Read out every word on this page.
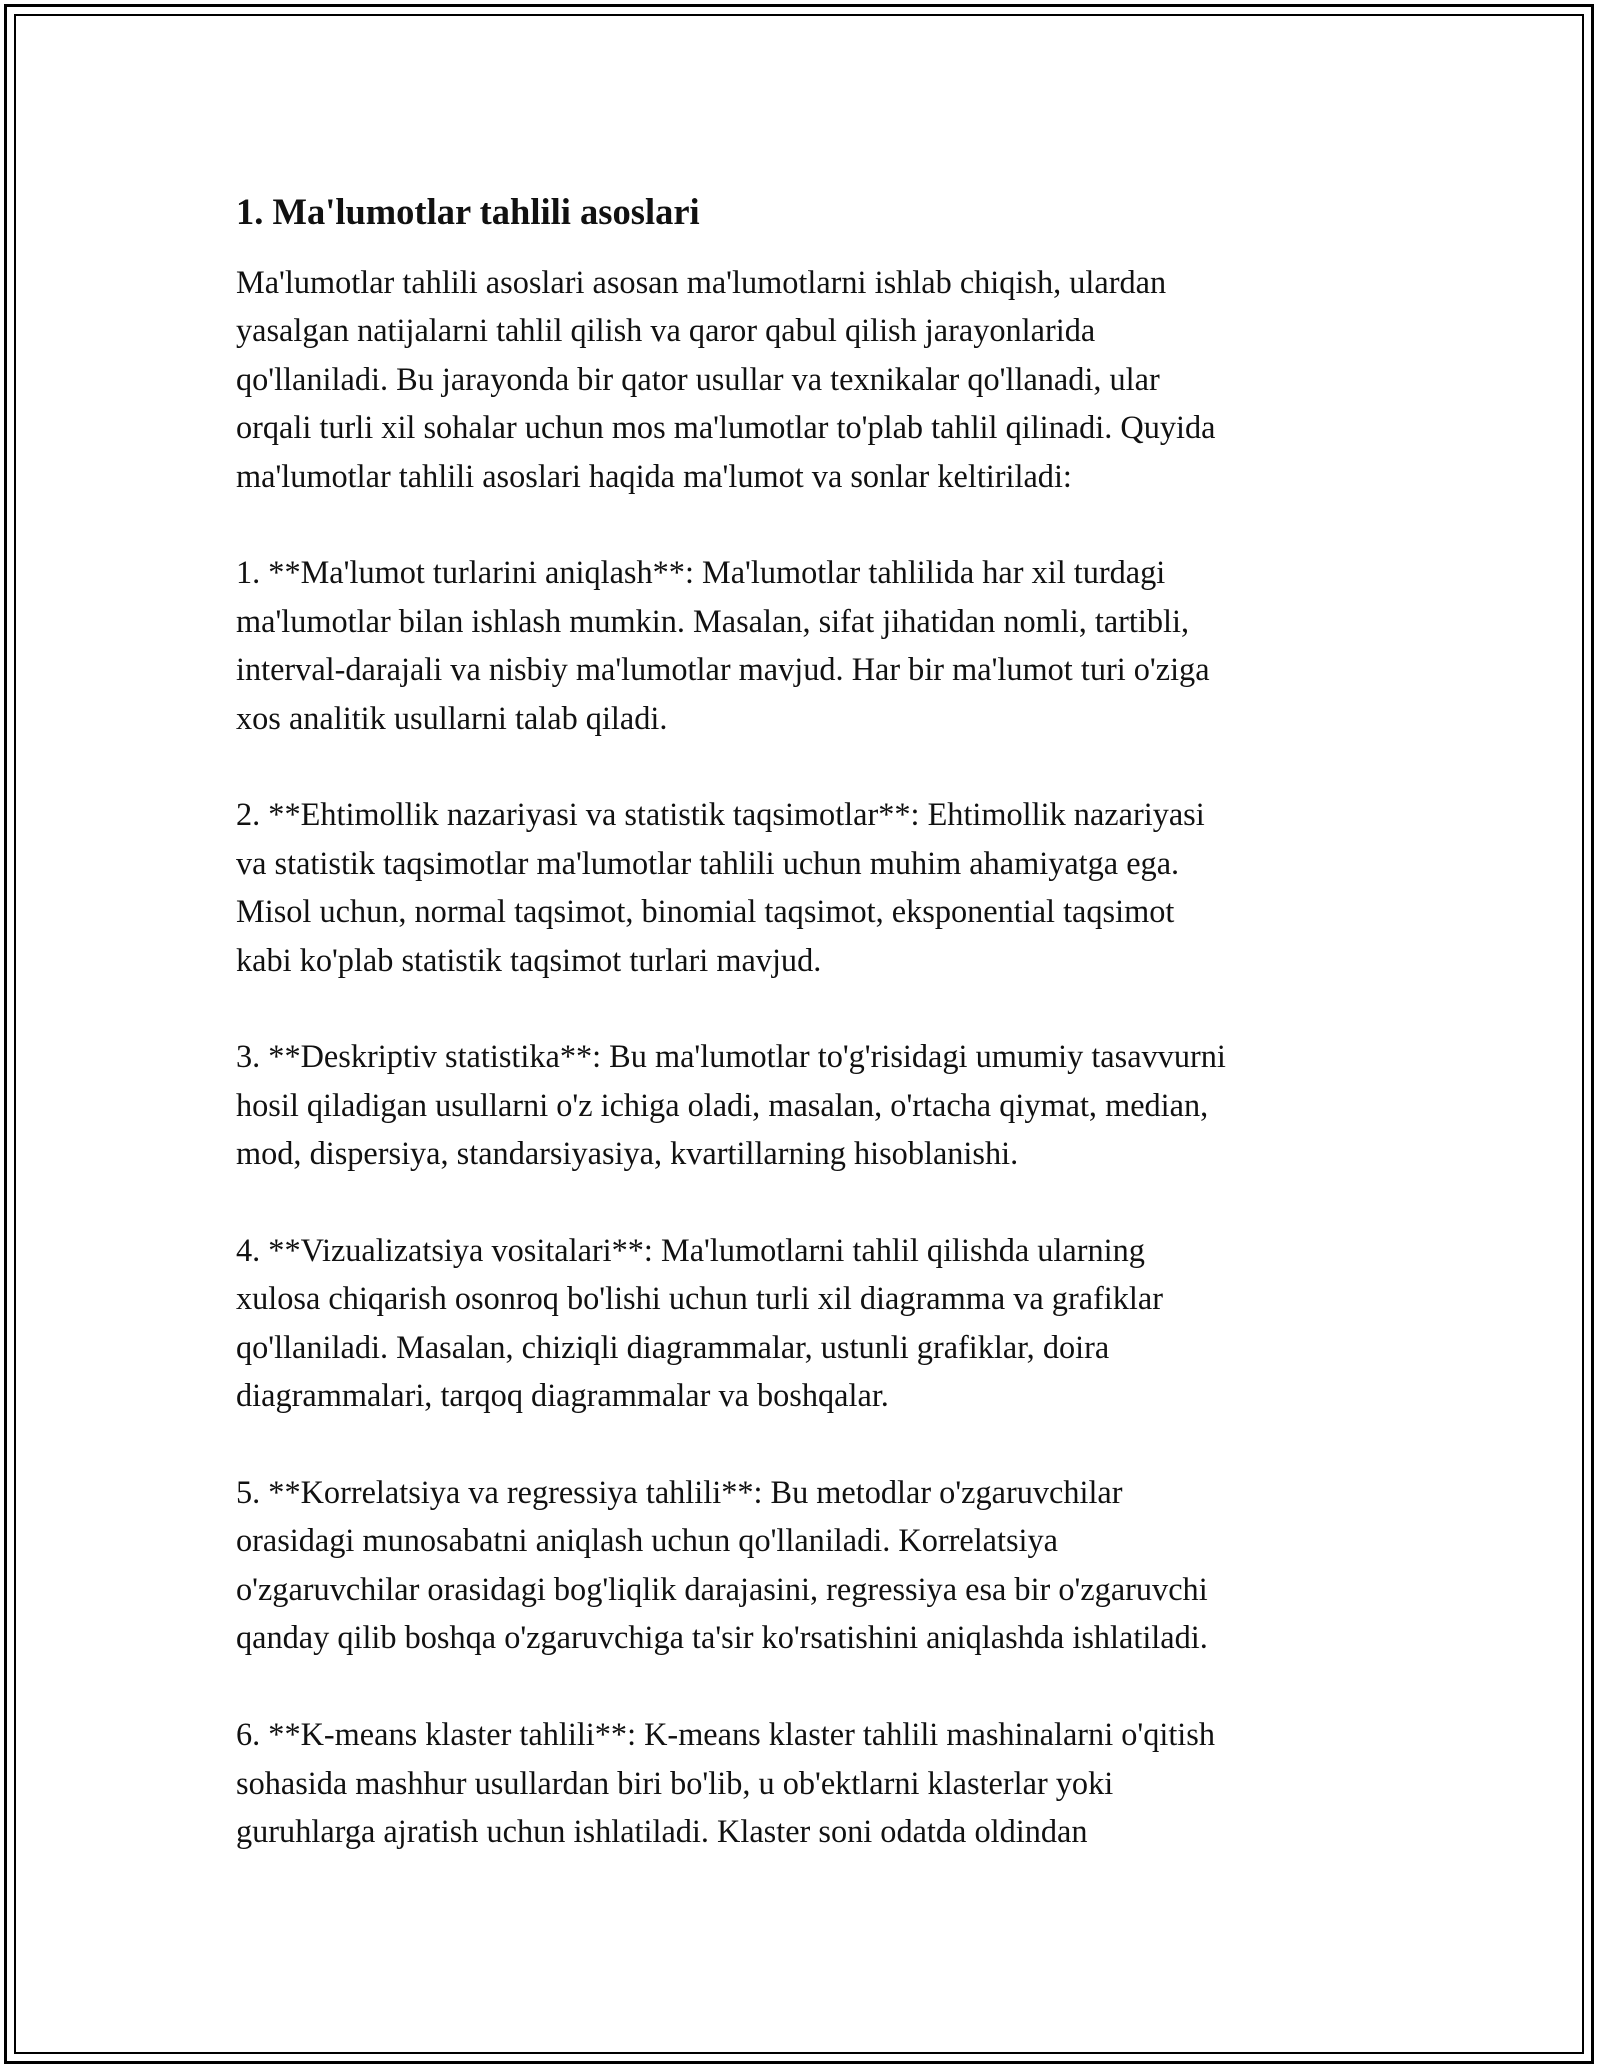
1. Ma'lumotlar tahlili asoslari
Ma'lumotlar tahlili asoslari asosan ma'lumotlarni ishlab chiqish, ulardan
yasalgan natijalarni tahlil qilish va qaror qabul qilish jarayonlarida
qo'llaniladi. Bu jarayonda bir qator usullar va texnikalar qo'llanadi, ular
orqali turli xil sohalar uchun mos ma'lumotlar to'plab tahlil qilinadi. Quyida
ma'lumotlar tahlili asoslari haqida ma'lumot va sonlar keltiriladi:
1. **Ma'lumot turlarini aniqlash**: Ma'lumotlar tahlilida har xil turdagi
ma'lumotlar bilan ishlash mumkin. Masalan, sifat jihatidan nomli, tartibli,
interval-darajali va nisbiy ma'lumotlar mavjud. Har bir ma'lumot turi o'ziga
xos analitik usullarni talab qiladi.
2. **Ehtimollik nazariyasi va statistik taqsimotlar**: Ehtimollik nazariyasi
va statistik taqsimotlar ma'lumotlar tahlili uchun muhim ahamiyatga ega.
Misol uchun, normal taqsimot, binomial taqsimot, eksponential taqsimot
kabi ko'plab statistik taqsimot turlari mavjud.
3. **Deskriptiv statistika**: Bu ma'lumotlar to'g'risidagi umumiy tasavvurni
hosil qiladigan usullarni o'z ichiga oladi, masalan, o'rtacha qiymat, median,
mod, dispersiya, standarsiyasiya, kvartillarning hisoblanishi.
4. **Vizualizatsiya vositalari**: Ma'lumotlarni tahlil qilishda ularning
xulosa chiqarish osonroq bo'lishi uchun turli xil diagramma va grafiklar
qo'llaniladi. Masalan, chiziqli diagrammalar, ustunli grafiklar, doira
diagrammalari, tarqoq diagrammalar va boshqalar.
5. **Korrelatsiya va regressiya tahlili**: Bu metodlar o'zgaruvchilar
orasidagi munosabatni aniqlash uchun qo'llaniladi. Korrelatsiya
o'zgaruvchilar orasidagi bog'liqlik darajasini, regressiya esa bir o'zgaruvchi
qanday qilib boshqa o'zgaruvchiga ta'sir ko'rsatishini aniqlashda ishlatiladi.
6. **K-means klaster tahlili**: K-means klaster tahlili mashinalarni o'qitish
sohasida mashhur usullardan biri bo'lib, u ob'ektlarni klasterlar yoki
guruhlarga ajratish uchun ishlatiladi. Klaster soni odatda oldindan
